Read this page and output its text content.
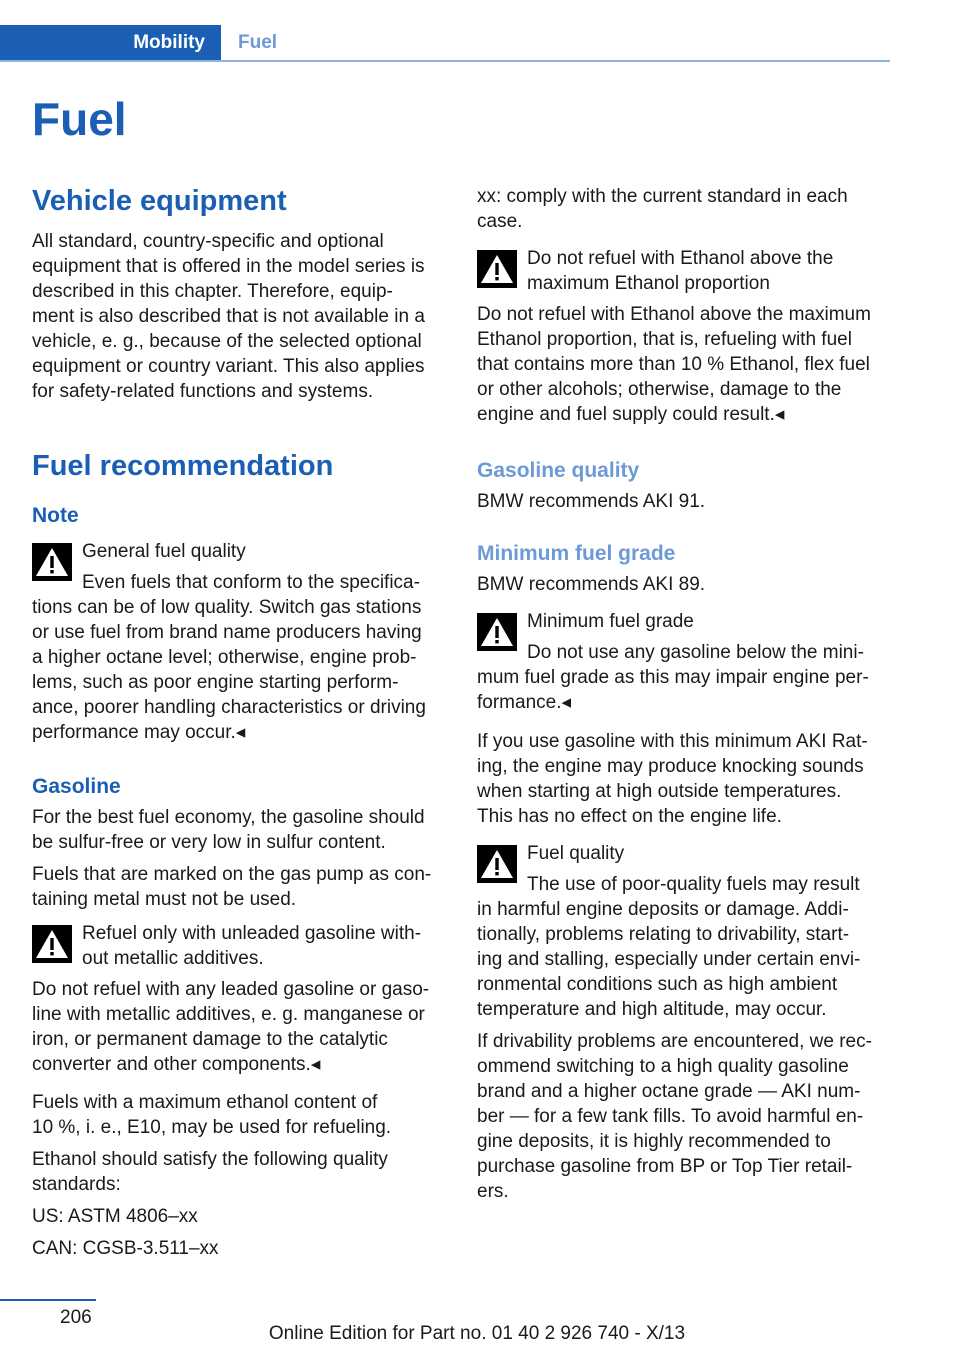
Mobility Fuel
Fuel
Vehicle equipment

All standard, country-specific and optional
equipment that is offered in the model series is
described in this chapter. Therefore, equip-
ment is also described that is not available in a
vehicle, e. g., because of the selected optional
equipment or country variant. This also applies
for safety-related functions and systems.

Fuel recommendation
Note
General fuel quality
Even fuels that conform to the specifica-
tions can be of low quality. Switch gas stations
or use fuel from brand name producers having
a higher octane level; otherwise, engine prob-
lems, such as poor engine starting perform-
ance, poorer handling characteristics or driving
performance may occur.◂
Gasoline

For the best fuel economy, the gasoline should
be sulfur-free or very low in sulfur content.

Fuels that are marked on the gas pump as con-
taining metal must not be used.

Refuel only with unleaded gasoline with-
out metallic additives.
Do not refuel with any leaded gasoline or gaso-
line with metallic additives, e. g. manganese or
iron, or permanent damage to the catalytic
converter and other components.◂

Fuels with a maximum ethanol content of
10 %, i. e., E10, may be used for refueling.

Ethanol should satisfy the following quality
standards:

US: ASTM 4806–xx

CAN: CGSB-3.511–xx

xx: comply with the current standard in each
case.

Do not refuel with Ethanol above the
maximum Ethanol proportion
Do not refuel with Ethanol above the maximum
Ethanol proportion, that is, refueling with fuel
that contains more than 10 % Ethanol, flex fuel
or other alcohols; otherwise, damage to the
engine and fuel supply could result.◂
Gasoline quality

BMW recommends AKI 91.

Minimum fuel grade

BMW recommends AKI 89.

Minimum fuel grade
Do not use any gasoline below the mini-
mum fuel grade as this may impair engine per-
formance.◂

If you use gasoline with this minimum AKI Rat-
ing, the engine may produce knocking sounds
when starting at high outside temperatures.
This has no effect on the engine life.

Fuel quality
The use of poor-quality fuels may result
in harmful engine deposits or damage. Addi-
tionally, problems relating to drivability, start-
ing and stalling, especially under certain envi-
ronmental conditions such as high ambient
temperature and high altitude, may occur.

If drivability problems are encountered, we rec-
ommend switching to a high quality gasoline
brand and a higher octane grade — AKI num-
ber — for a few tank fills. To avoid harmful en-
gine deposits, it is highly recommended to
purchase gasoline from BP or Top Tier retail-
ers.

206
Online Edition for Part no. 01 40 2 926 740 - X/13
